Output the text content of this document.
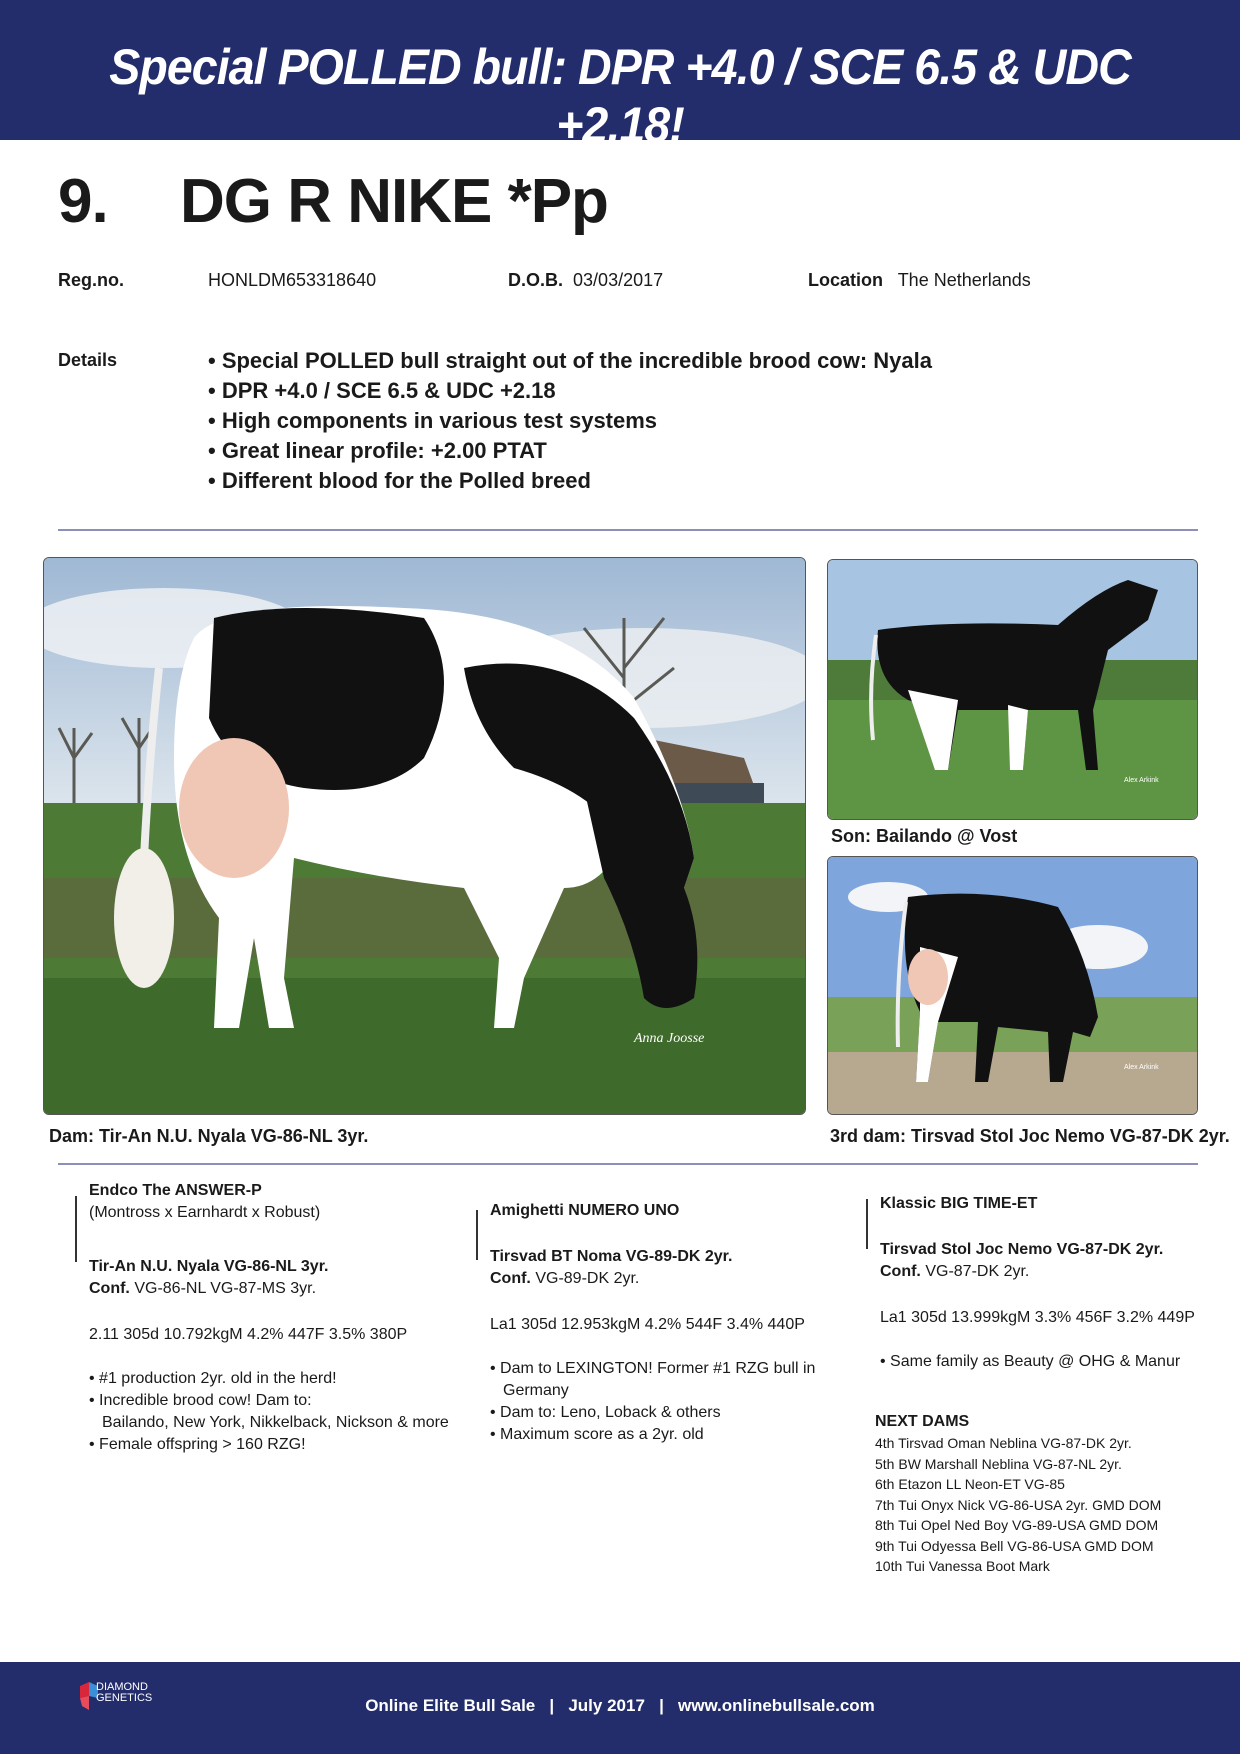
Special POLLED bull: DPR +4.0 / SCE 6.5 & UDC +2.18!
9. DG R NIKE *Pp
Reg.no.	HONLDM653318640	D.O.B. 03/03/2017	Location The Netherlands
Details	• Special POLLED bull straight out of the incredible brood cow: Nyala
• DPR +4.0 / SCE 6.5 & UDC +2.18
• High components in various test systems
• Great linear profile: +2.00 PTAT
• Different blood for the Polled breed
Anna Joosse
Dam: Tir-An N.U. Nyala VG-86-NL 3yr.
Alex Arkink
Son: Bailando @ Vost
Alex Arkink
3rd dam: Tirsvad Stol Joc Nemo VG-87-DK 2yr.

Endco The ANSWER-P

(Montross x Earnhardt x Robust)

Tir-An N.U. Nyala VG-86-NL 3yr.

Conf. VG-86-NL VG-87-MS 3yr.

2.11 305d 10.792kgM 4.2% 447F 3.5% 380P

• #1 production 2yr. old in the herd!
• Incredible brood cow! Dam to:
Bailando, New York, Nikkelback, Nickson & more
• Female offspring > 160 RZG!

Amighetti NUMERO UNO

Tirsvad BT Noma VG-89-DK 2yr.

Conf. VG-89-DK 2yr.

La1 305d 12.953kgM 4.2% 544F 3.4% 440P

• Dam to LEXINGTON! Former #1 RZG bull in
Germany
• Dam to: Leno, Loback & others
• Maximum score as a 2yr. old

Klassic BIG TIME-ET

Tirsvad Stol Joc Nemo VG-87-DK 2yr.

Conf. VG-87-DK 2yr.

La1 305d 13.999kgM 3.3% 456F 3.2% 449P

• Same family as Beauty @ OHG & Manur

NEXT DAMS

4th Tirsvad Oman Neblina VG-87-DK 2yr.
5th BW Marshall Neblina VG-87-NL 2yr.
6th Etazon LL Neon-ET VG-85
7th Tui Onyx Nick VG-86-USA 2yr. GMD DOM
8th Tui Opel Ned Boy VG-89-USA GMD DOM
9th Tui Odyessa Bell VG-86-USA GMD DOM
10th Tui Vanessa Boot Mark
DIAMOND
GENETICS	Online Elite Bull Sale   |   July 2017   |   www.onlinebullsale.com
